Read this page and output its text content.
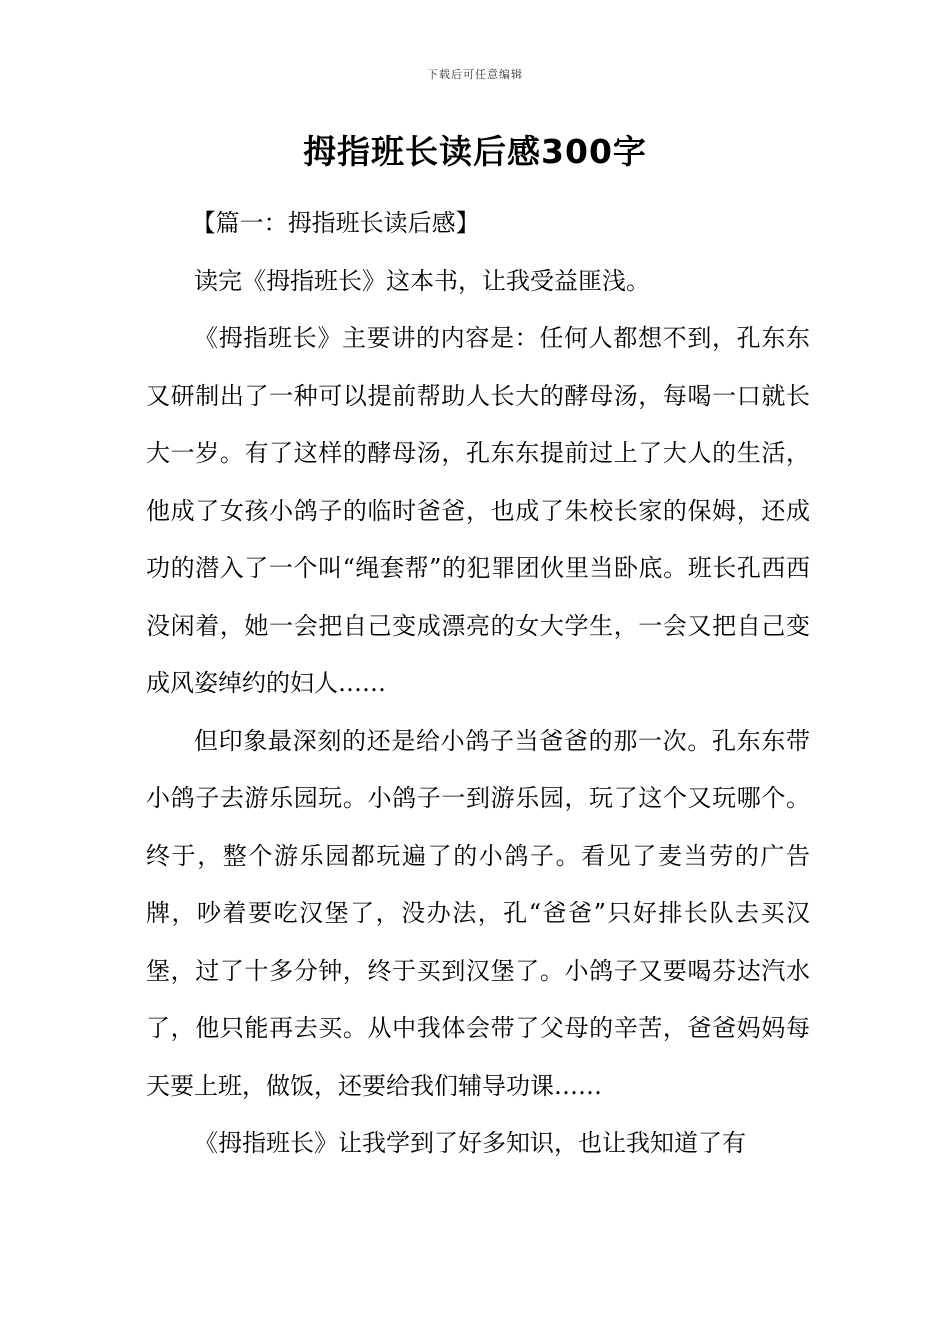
下载后可任意编辑
拇指班长读后感300字

【篇一：拇指班长读后感】

读完《拇指班长》这本书，让我受益匪浅。

《拇指班长》主要讲的内容是：任何人都想不到，孔东东又研制出了一种可以提前帮助人长大的酵母汤，每喝一口就长大一岁。有了这样的酵母汤，孔东东提前过上了大人的生活，他成了女孩小鸽子的临时爸爸，也成了朱校长家的保姆，还成功的潜入了一个叫“绳套帮”的犯罪团伙里当卧底。班长孔西西没闲着，她一会把自己变成漂亮的女大学生，一会又把自己变成风姿绰约的妇人……

但印象最深刻的还是给小鸽子当爸爸的那一次。孔东东带小鸽子去游乐园玩。小鸽子一到游乐园，玩了这个又玩哪个。终于，整个游乐园都玩遍了的小鸽子。看见了麦当劳的广告牌，吵着要吃汉堡了，没办法，孔“爸爸”只好排长队去买汉堡，过了十多分钟，终于买到汉堡了。小鸽子又要喝芬达汽水了，他只能再去买。从中我体会带了父母的辛苦，爸爸妈妈每天要上班，做饭，还要给我们辅导功课……

《拇指班长》让我学到了好多知识，也让我知道了有
